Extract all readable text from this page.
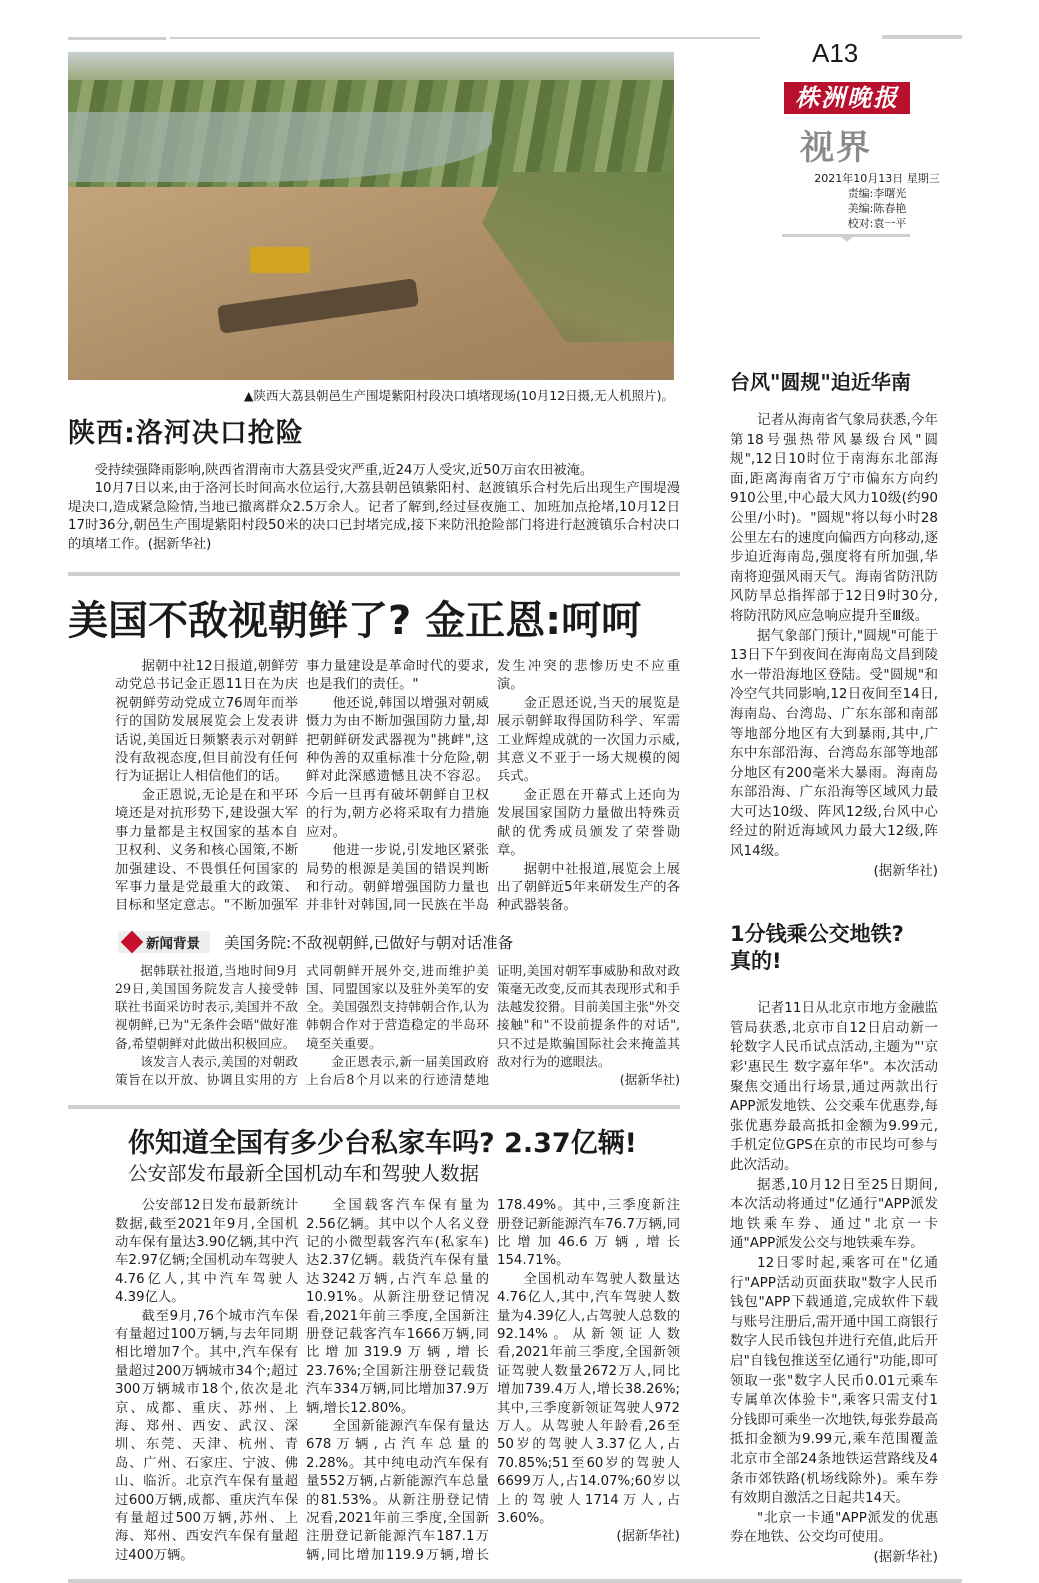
A13
株洲晚报
视界
2021年10月13日 星期三
责编:李曙光
美编:陈春艳
校对:袁一平
▲陕西大荔县朝邑生产围堤紫阳村段决口填堵现场(10月12日摄,无人机照片)。
陕西:洛河决口抢险

受持续强降雨影响,陕西省渭南市大荔县受灾严重,近24万人受灾,近50万亩农田被淹。

10月7日以来,由于洛河长时间高水位运行,大荔县朝邑镇紫阳村、赵渡镇乐合村先后出现生产围堤漫堤决口,造成紧急险情,当地已撤离群众2.5万余人。记者了解到,经过昼夜施工、加班加点抢堵,10月12日17时36分,朝邑生产围堤紫阳村段50米的决口已封堵完成,接下来防汛抢险部门将进行赵渡镇乐合村决口的填堵工作。(据新华社)

美国不敌视朝鲜了? 金正恩:呵呵

据朝中社12日报道,朝鲜劳动党总书记金正恩11日在为庆祝朝鲜劳动党成立76周年而举行的国防发展展览会上发表讲话说,美国近日频繁表示对朝鲜没有敌视态度,但目前没有任何行为证据让人相信他们的话。

金正恩说,无论是在和平环境还是对抗形势下,建设强大军事力量都是主权国家的基本自卫权利、义务和核心国策,不断加强建设、不畏惧任何国家的军事力量是党最重大的政策、目标和坚定意志。"不断加强军事力量建设是革命时代的要求,也是我们的责任。"

他还说,韩国以增强对朝威慑力为由不断加强国防力量,却把朝鲜研发武器视为"挑衅",这种伪善的双重标准十分危险,朝鲜对此深感遗憾且决不容忍。今后一旦再有破坏朝鲜自卫权的行为,朝方必将采取有力措施应对。

他进一步说,引发地区紧张局势的根源是美国的错误判断和行动。朝鲜增强国防力量也并非针对韩国,同一民族在半岛发生冲突的悲惨历史不应重演。

金正恩还说,当天的展览是展示朝鲜取得国防科学、军需工业辉煌成就的一次国力示威,其意义不亚于一场大规模的阅兵式。

金正恩在开幕式上还向为发展国家国防力量做出特殊贡献的优秀成员颁发了荣誉勋章。

据朝中社报道,展览会上展出了朝鲜近5年来研发生产的各种武器装备。

新闻背景 美国务院:不敌视朝鲜,已做好与朝对话准备

据韩联社报道,当地时间9月29日,美国国务院发言人接受韩联社书面采访时表示,美国并不敌视朝鲜,已为"无条件会晤"做好准备,希望朝鲜对此做出积极回应。

该发言人表示,美国的对朝政策旨在以开放、协调且实用的方式同朝鲜开展外交,进而维护美国、同盟国家以及驻外美军的安全。美国强烈支持韩朝合作,认为韩朝合作对于营造稳定的半岛环境至关重要。

金正恩表示,新一届美国政府上台后8个月以来的行迹清楚地证明,美国对朝军事威胁和敌对政策毫无改变,反而其表现形式和手法越发狡猾。目前美国主张"外交接触"和"不设前提条件的对话",只不过是欺骗国际社会来掩盖其敌对行为的遮眼法。

(据新华社)
你知道全国有多少台私家车吗? 2.37亿辆!
公安部发布最新全国机动车和驾驶人数据

公安部12日发布最新统计数据,截至2021年9月,全国机动车保有量达3.90亿辆,其中汽车2.97亿辆;全国机动车驾驶人4.76亿人,其中汽车驾驶人4.39亿人。

截至9月,76个城市汽车保有量超过100万辆,与去年同期相比增加7个。其中,汽车保有量超过200万辆城市34个;超过300万辆城市18个,依次是北京、成都、重庆、苏州、上海、郑州、西安、武汉、深圳、东莞、天津、杭州、青岛、广州、石家庄、宁波、佛山、临沂。北京汽车保有量超过600万辆,成都、重庆汽车保有量超过500万辆,苏州、上海、郑州、西安汽车保有量超过400万辆。

全国载客汽车保有量为2.56亿辆。其中以个人名义登记的小微型载客汽车(私家车)达2.37亿辆。载货汽车保有量达3242万辆,占汽车总量的10.91%。从新注册登记情况看,2021年前三季度,全国新注册登记载客汽车1666万辆,同比增加319.9万辆,增长23.76%;全国新注册登记载货汽车334万辆,同比增加37.9万辆,增长12.80%。

全国新能源汽车保有量达678万辆,占汽车总量的2.28%。其中纯电动汽车保有量552万辆,占新能源汽车总量的81.53%。从新注册登记情况看,2021年前三季度,全国新注册登记新能源汽车187.1万辆,同比增加119.9万辆,增长178.49%。其中,三季度新注册登记新能源汽车76.7万辆,同比增加46.6万辆,增长154.71%。

全国机动车驾驶人数量达4.76亿人,其中,汽车驾驶人数量为4.39亿人,占驾驶人总数的92.14%。从新领证人数看,2021年前三季度,全国新领证驾驶人数量2672万人,同比增加739.4万人,增长38.26%;其中,三季度新领证驾驶人972万人。从驾驶人年龄看,26至50岁的驾驶人3.37亿人,占70.85%;51至60岁的驾驶人6699万人,占14.07%;60岁以上的驾驶人1714万人,占3.60%。

(据新华社)
台风"圆规"迫近华南

记者从海南省气象局获悉,今年第18号强热带风暴级台风"圆规",12日10时位于南海东北部海面,距离海南省万宁市偏东方向约910公里,中心最大风力10级(约90公里/小时)。"圆规"将以每小时28公里左右的速度向偏西方向移动,逐步迫近海南岛,强度将有所加强,华南将迎强风雨天气。海南省防汛防风防旱总指挥部于12日9时30分,将防汛防风应急响应提升至Ⅲ级。

据气象部门预计,"圆规"可能于13日下午到夜间在海南岛文昌到陵水一带沿海地区登陆。受"圆规"和冷空气共同影响,12日夜间至14日,海南岛、台湾岛、广东东部和南部等地部分地区有大到暴雨,其中,广东中东部沿海、台湾岛东部等地部分地区有200毫米大暴雨。海南岛东部沿海、广东沿海等区域风力最大可达10级、阵风12级,台风中心经过的附近海域风力最大12级,阵风14级。

(据新华社)
1分钱乘公交地铁? 真的!

记者11日从北京市地方金融监管局获悉,北京市自12日启动新一轮数字人民币试点活动,主题为"'京彩'惠民生 数字嘉年华"。本次活动聚焦交通出行场景,通过两款出行APP派发地铁、公交乘车优惠券,每张优惠券最高抵扣金额为9.99元,手机定位GPS在京的市民均可参与此次活动。

据悉,10月12日至25日期间,本次活动将通过"亿通行"APP派发地铁乘车券、通过"北京一卡通"APP派发公交与地铁乘车券。

12日零时起,乘客可在"亿通行"APP活动页面获取"数字人民币钱包"APP下载通道,完成软件下载与账号注册后,需开通中国工商银行数字人民币钱包并进行充值,此后开启"自钱包推送至亿通行"功能,即可领取一张"数字人民币0.01元乘车专属单次体验卡",乘客只需支付1分钱即可乘坐一次地铁,每张券最高抵扣金额为9.99元,乘车范围覆盖北京市全部24条地铁运营路线及4条市郊铁路(机场线除外)。乘车券有效期自激活之日起共14天。

"北京一卡通"APP派发的优惠券在地铁、公交均可使用。

(据新华社)
